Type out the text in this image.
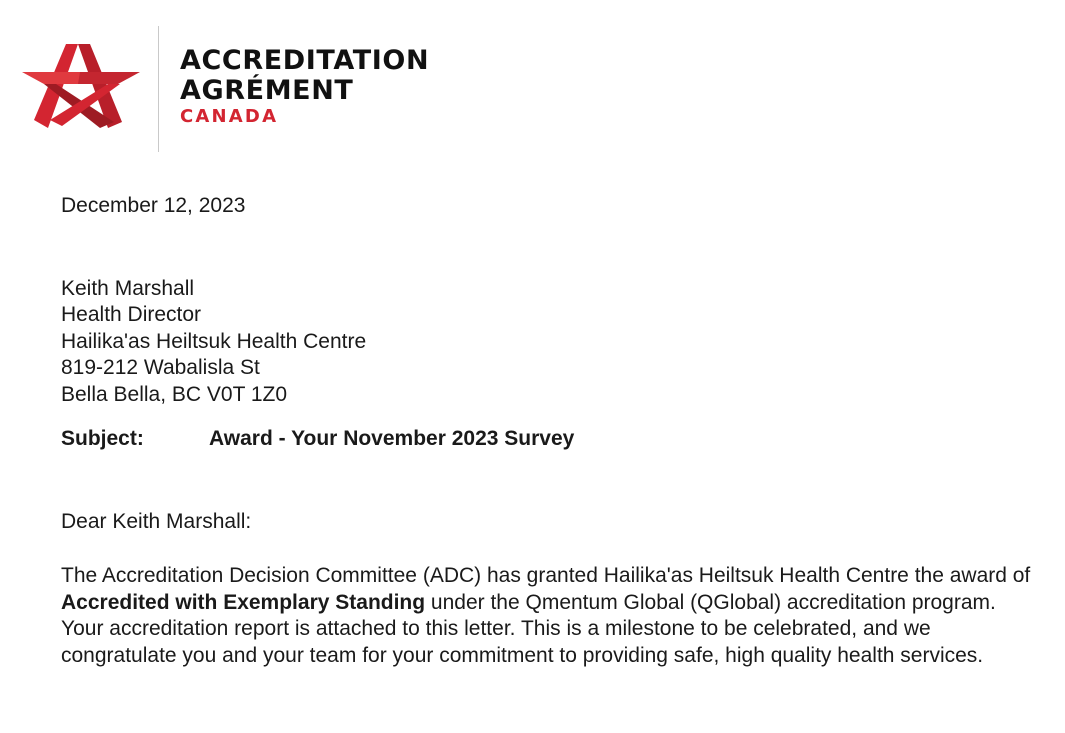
ACCREDITATION
AGRÉMENT
CANADA
December 12, 2023
Keith Marshall
Health Director
Hailika'as Heiltsuk Health Centre
819-212 Wabalisla St
Bella Bella, BC V0T 1Z0
Subject:	Award - Your November 2023 Survey
Dear Keith Marshall:
The Accreditation Decision Committee (ADC) has granted Hailika'as Heiltsuk Health Centre the award of Accredited with Exemplary Standing under the Qmentum Global (QGlobal) accreditation program. Your accreditation report is attached to this letter. This is a milestone to be celebrated, and we congratulate you and your team for your commitment to providing safe, high quality health services.
